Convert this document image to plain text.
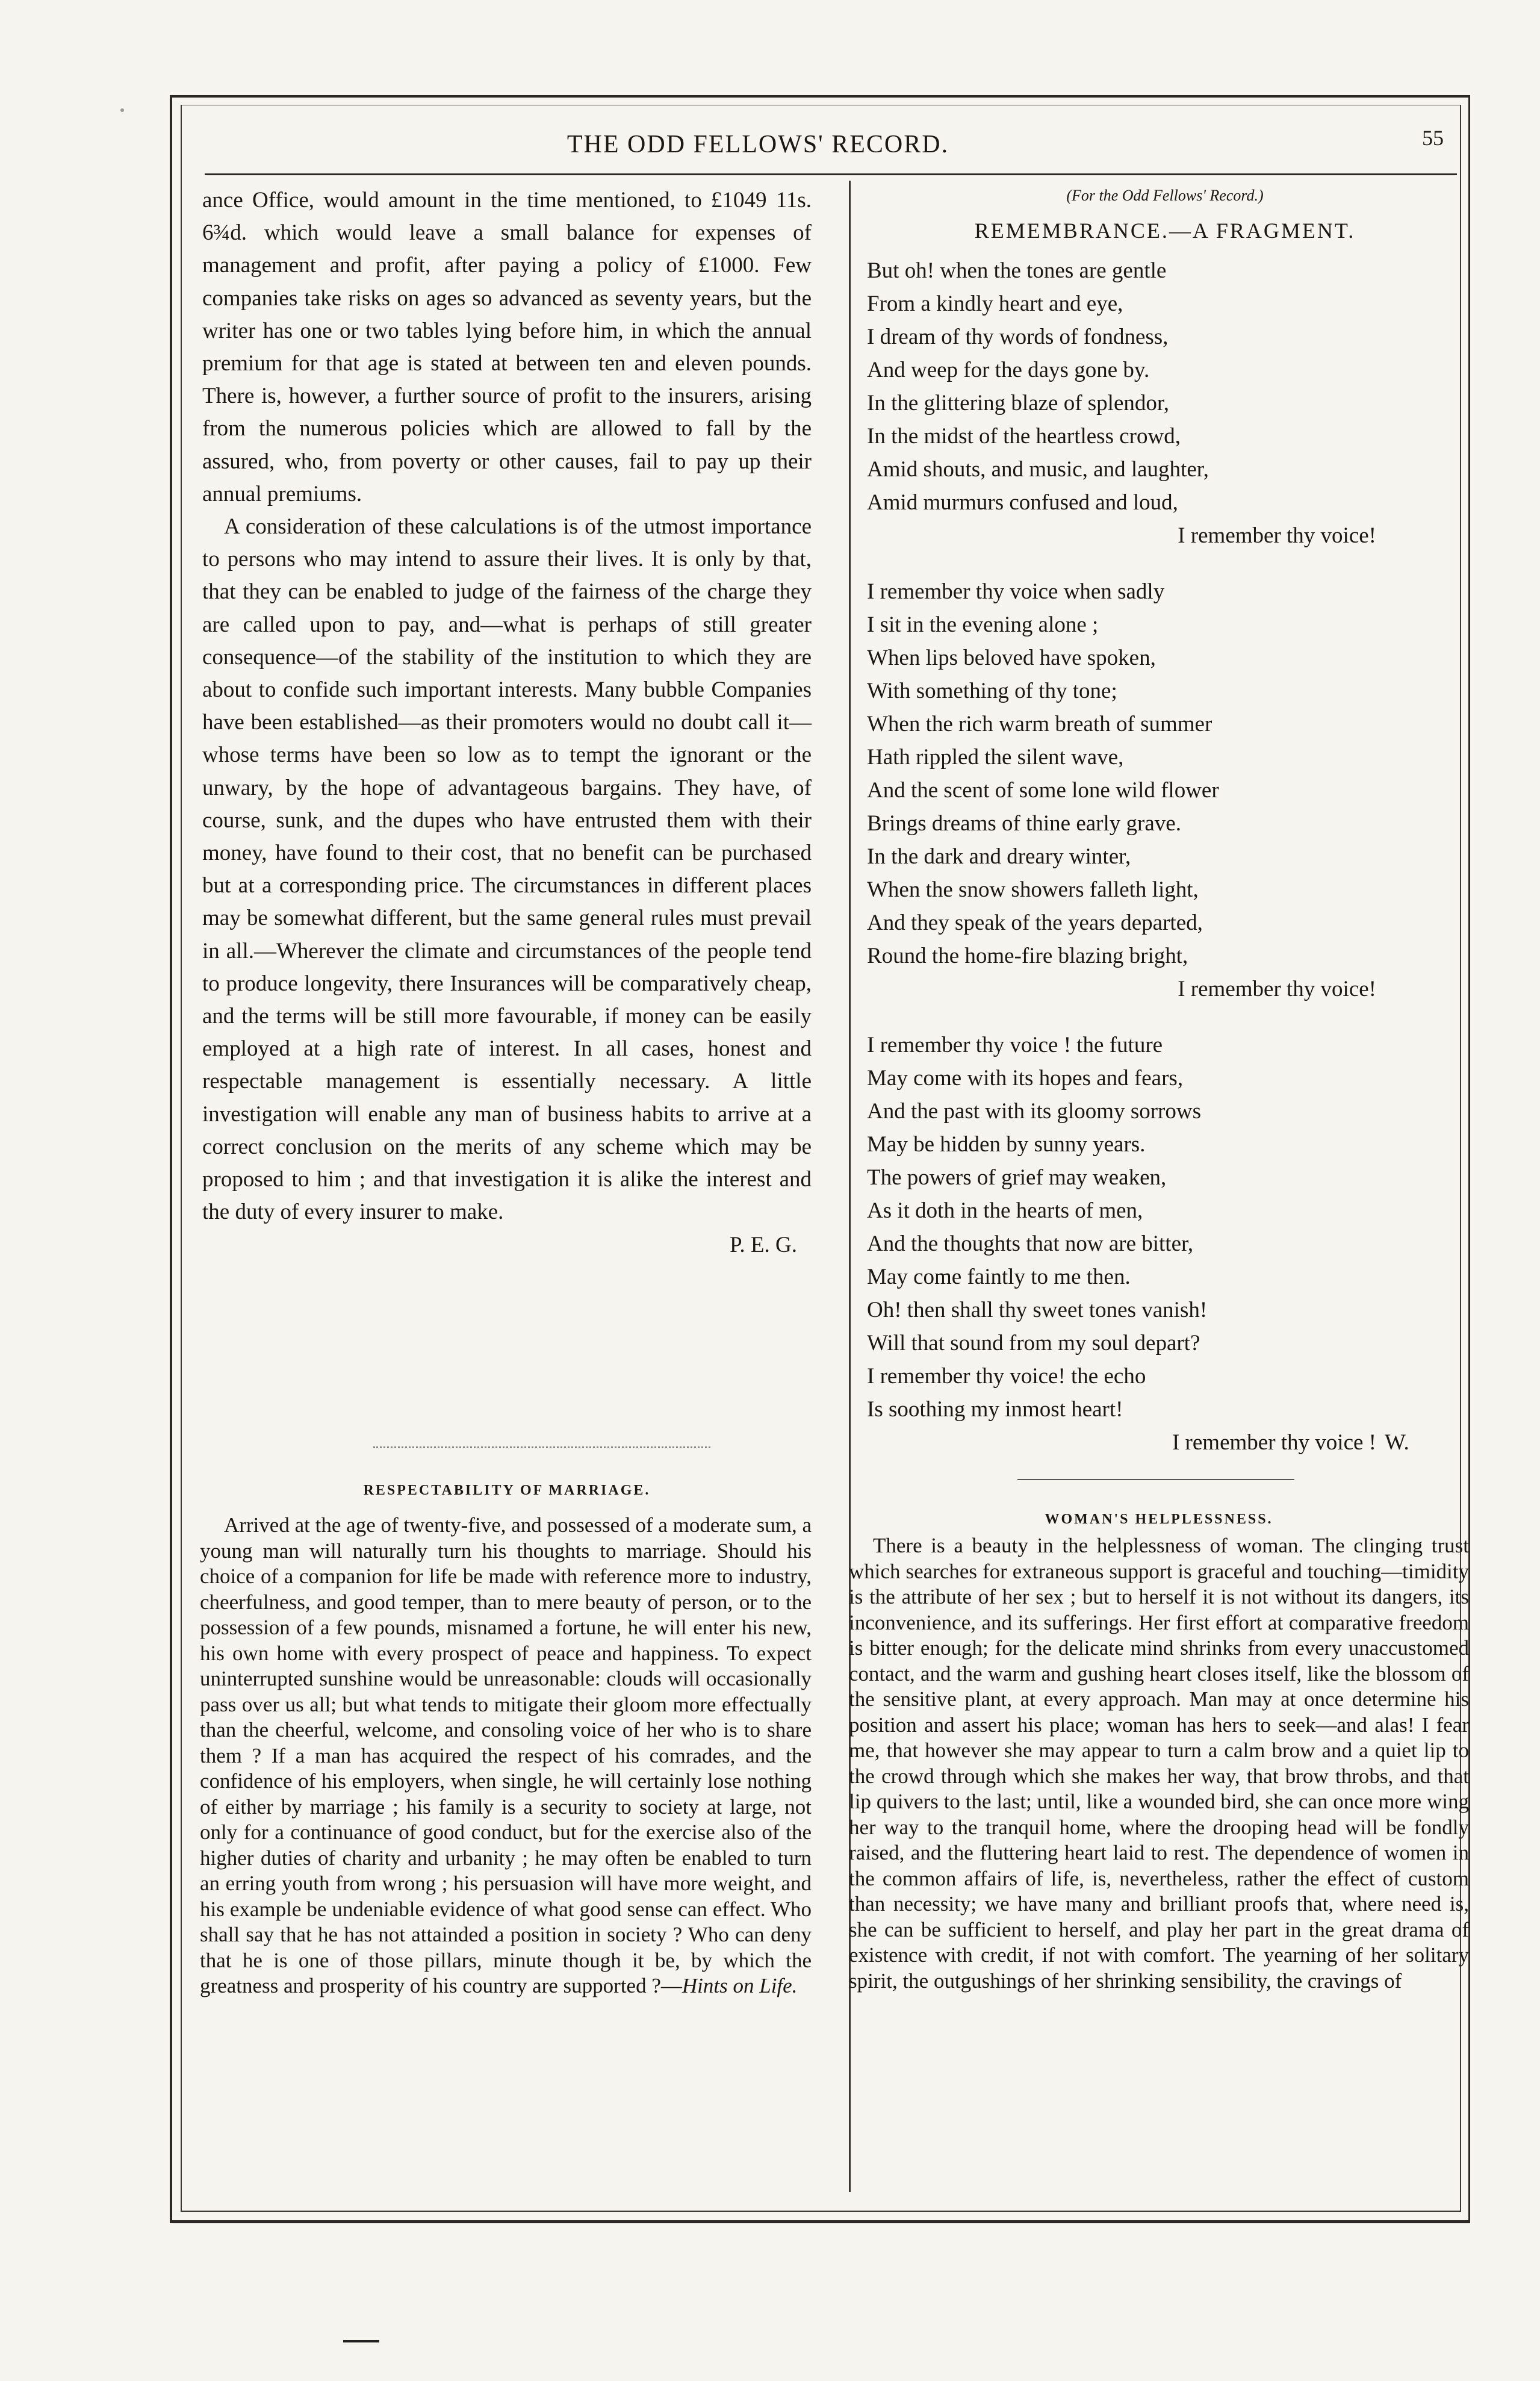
THE ODD FELLOWS' RECORD.	55

ance Office, would amount in the time mentioned, to £1049 11s. 6¾d. which would leave a small balance for expenses of management and profit, after paying a policy of £1000. Few companies take risks on ages so advanced as seventy years, but the writer has one or two tables lying before him, in which the annual premium for that age is stated at between ten and eleven pounds. There is, however, a further source of profit to the insurers, arising from the numerous policies which are allowed to fall by the assured, who, from poverty or other causes, fail to pay up their annual premiums.

A consideration of these calculations is of the utmost importance to persons who may intend to assure their lives. It is only by that, that they can be enabled to judge of the fairness of the charge they are called upon to pay, and—what is perhaps of still greater consequence—of the stability of the institution to which they are about to confide such important interests. Many bubble Companies have been established—as their promoters would no doubt call it—whose terms have been so low as to tempt the ignorant or the unwary, by the hope of advantageous bargains. They have, of course, sunk, and the dupes who have entrusted them with their money, have found to their cost, that no benefit can be purchased but at a corresponding price. The circumstances in different places may be somewhat different, but the same general rules must prevail in all.—Wherever the climate and circumstances of the people tend to produce longevity, there Insurances will be comparatively cheap, and the terms will be still more favourable, if money can be easily employed at a high rate of interest. In all cases, honest and respectable management is essentially necessary. A little investigation will enable any man of business habits to arrive at a correct conclusion on the merits of any scheme which may be proposed to him ; and that investigation it is alike the interest and the duty of every insurer to make.

P. E. G.
RESPECTABILITY OF MARRIAGE.

Arrived at the age of twenty-five, and possessed of a moderate sum, a young man will naturally turn his thoughts to marriage. Should his choice of a companion for life be made with reference more to industry, cheerfulness, and good temper, than to mere beauty of person, or to the possession of a few pounds, misnamed a fortune, he will enter his new, his own home with every prospect of peace and happiness. To expect uninterrupted sunshine would be unreasonable: clouds will occasionally pass over us all; but what tends to mitigate their gloom more effectually than the cheerful, welcome, and consoling voice of her who is to share them ? If a man has acquired the respect of his comrades, and the confidence of his employers, when single, he will certainly lose nothing of either by marriage ; his family is a security to society at large, not only for a continuance of good conduct, but for the exercise also of the higher duties of charity and urbanity ; he may often be enabled to turn an erring youth from wrong ; his persuasion will have more weight, and his example be undeniable evidence of what good sense can effect. Who shall say that he has not attainded a position in society ? Who can deny that he is one of those pillars, minute though it be, by which the greatness and prosperity of his country are supported ?—Hints on Life.

(For the Odd Fellows' Record.)
REMEMBRANCE.—A FRAGMENT.
But oh! when the tones are gentle
From a kindly heart and eye,
I dream of thy words of fondness,
And weep for the days gone by.
In the glittering blaze of splendor,
In the midst of the heartless crowd,
Amid shouts, and music, and laughter,
Amid murmurs confused and loud,
I remember thy voice!
I remember thy voice when sadly
I sit in the evening alone ;
When lips beloved have spoken,
With something of thy tone;
When the rich warm breath of summer
Hath rippled the silent wave,
And the scent of some lone wild flower
Brings dreams of thine early grave.
In the dark and dreary winter,
When the snow showers falleth light,
And they speak of the years departed,
Round the home-fire blazing bright,
I remember thy voice!
I remember thy voice ! the future
May come with its hopes and fears,
And the past with its gloomy sorrows
May be hidden by sunny years.
The powers of grief may weaken,
As it doth in the hearts of men,
And the thoughts that now are bitter,
May come faintly to me then.
Oh! then shall thy sweet tones vanish!
Will that sound from my soul depart?
I remember thy voice! the echo
Is soothing my inmost heart!
I remember thy voice ! W.
WOMAN'S HELPLESSNESS.

There is a beauty in the helplessness of woman. The clinging trust which searches for extraneous support is graceful and touching—timidity is the attribute of her sex ; but to herself it is not without its dangers, its inconvenience, and its sufferings. Her first effort at comparative freedom is bitter enough; for the delicate mind shrinks from every unaccustomed contact, and the warm and gushing heart closes itself, like the blossom of the sensitive plant, at every approach. Man may at once determine his position and assert his place; woman has hers to seek—and alas! I fear me, that however she may appear to turn a calm brow and a quiet lip to the crowd through which she makes her way, that brow throbs, and that lip quivers to the last; until, like a wounded bird, she can once more wing her way to the tranquil home, where the drooping head will be fondly raised, and the fluttering heart laid to rest. The dependence of women in the common affairs of life, is, nevertheless, rather the effect of custom than necessity; we have many and brilliant proofs that, where need is, she can be sufficient to herself, and play her part in the great drama of existence with credit, if not with comfort. The yearning of her solitary spirit, the outgushings of her shrinking sensibility, the cravings of
